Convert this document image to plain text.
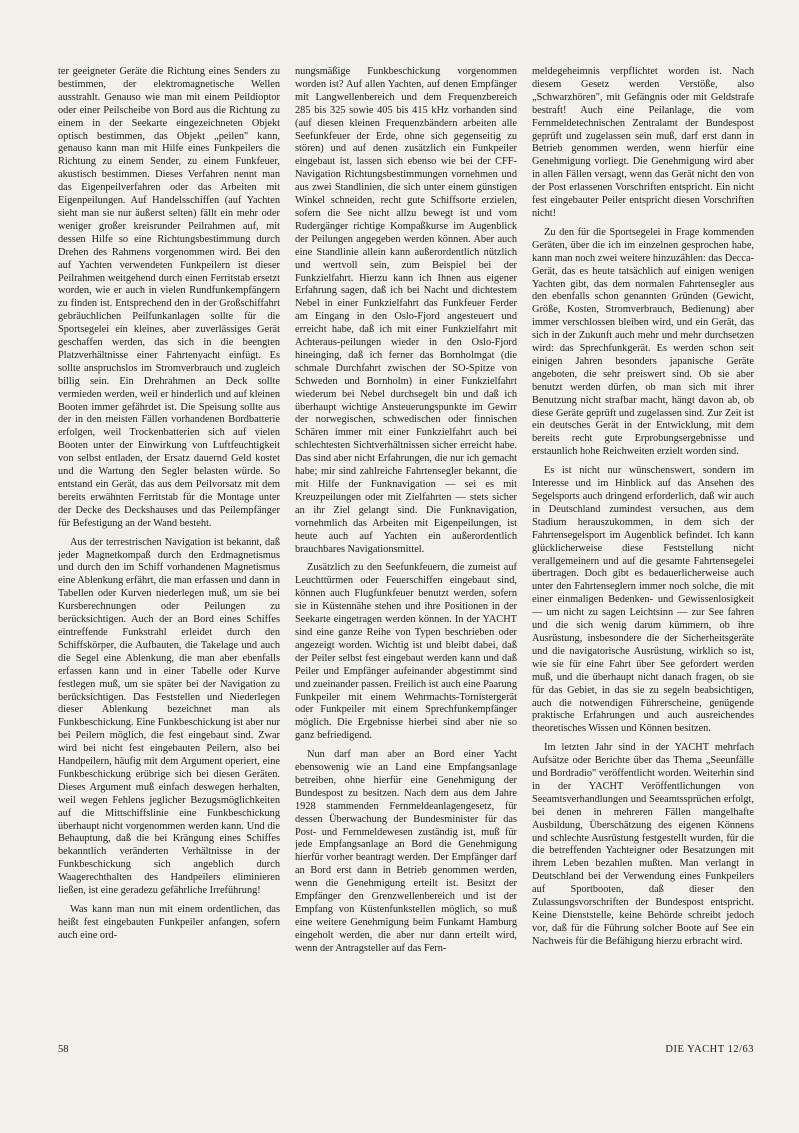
ter geeigneter Geräte die Richtung eines Senders zu bestimmen, der elektromagnetische Wellen ausstrahlt. Genauso wie man mit einem Peildioptor oder einer Peilscheibe von Bord aus die Richtung zu einem in der Seekarte eingezeichneten Objekt optisch bestimmen, das Objekt „peilen" kann, genauso kann man mit Hilfe eines Funkpeilers die Richtung zu einem Sender, zu einem Funkfeuer, akustisch bestimmen. Dieses Verfahren nennt man das Eigenpeilverfahren oder das Arbeiten mit Eigenpeilungen. Auf Handelsschiffen (auf Yachten sieht man sie nur äußerst selten) fällt ein mehr oder weniger großer kreisrunder Peilrahmen auf, mit dessen Hilfe so eine Richtungsbestimmung durch Drehen des Rahmens vorgenommen wird. Bei den auf Yachten verwendeten Funkpeilern ist dieser Peilrahmen weitgehend durch einen Ferritstab ersetzt worden, wie er auch in vielen Rundfunkempfängern zu finden ist. Entsprechend den in der Großschiffahrt gebräuchlichen Peilfunkanlagen sollte für die Sportsegelei ein kleines, aber zuverlässiges Gerät geschaffen werden, das sich in die beengten Platzverhältnisse einer Fahrtenyacht einfügt. Es sollte anspruchslos im Stromverbrauch und zugleich billig sein. Ein Drehrahmen an Deck sollte vermieden werden, weil er hinderlich und auf kleinen Booten immer gefährdet ist. Die Speisung sollte aus der in den meisten Fällen vorhandenen Bordbatterie erfolgen, weil Trockenbatterien sich auf vielen Booten unter der Einwirkung von Luftfeuchtigkeit von selbst entladen, der Ersatz dauernd Geld kostet und die Wartung den Segler belasten würde. So entstand ein Gerät, das aus dem Peilvorsatz mit dem bereits erwähnten Ferritstab für die Montage unter der Decke des Deckshauses und das Peilempfänger für Befestigung an der Wand besteht.

Aus der terrestrischen Navigation ist bekannt, daß jeder Magnetkompaß durch den Erdmagnetismus und durch den im Schiff vorhandenen Magnetismus eine Ablenkung erfährt, die man erfassen und dann in Tabellen oder Kurven niederlegen muß, um sie bei Kursberechnungen oder Peilungen zu berücksichtigen. Auch der an Bord eines Schiffes eintreffende Funkstrahl erleidet durch den Schiffskörper, die Aufbauten, die Takelage und auch die Segel eine Ablenkung, die man aber ebenfalls erfassen kann und in einer Tabelle oder Kurve festlegen muß, um sie später bei der Navigation zu berücksichtigen. Das Feststellen und Niederlegen dieser Ablenkung bezeichnet man als Funkbeschickung. Eine Funkbeschickung ist aber nur bei Peilern möglich, die fest eingebaut sind. Zwar wird bei nicht fest eingebauten Peilern, also bei Handpeilern, häufig mit dem Argument operiert, eine Funkbeschickung erübrige sich bei diesen Geräten. Dieses Argument muß einfach deswegen herhalten, weil wegen Fehlens jeglicher Bezugsmöglichkeiten auf die Mittschiffslinie eine Funkbeschickung überhaupt nicht vorgenommen werden kann. Und die Behauptung, daß die bei Krängung eines Schiffes bekanntlich veränderten Verhältnisse in der Funkbeschickung sich angeblich durch Waagerechthalten des Handpeilers eliminieren ließen, ist eine geradezu gefährliche Irreführung!

Was kann man nun mit einem ordentlichen, das heißt fest eingebauten Funkpeiler anfangen, sofern auch eine ord-

nungsmäßige Funkbeschickung vorgenommen worden ist? Auf allen Yachten, auf denen Empfänger mit Langwellenbereich und dem Frequenzbereich 285 bis 325 sowie 405 bis 415 kHz vorhanden sind (auf diesen kleinen Frequenzbändern arbeiten alle Seefunkfeuer der Erde, ohne sich gegenseitig zu stören) und auf denen zusätzlich ein Funkpeiler eingebaut ist, lassen sich ebenso wie bei der CFF-Navigation Richtungsbestimmungen vornehmen und aus zwei Standlinien, die sich unter einem günstigen Winkel schneiden, recht gute Schiffsorte erzielen, sofern die See nicht allzu bewegt ist und vom Rudergänger richtige Kompaßkurse im Augenblick der Peilungen angegeben werden können. Aber auch eine Standlinie allein kann außerordentlich nützlich und wertvoll sein, zum Beispiel bei der Funkzielfahrt. Hierzu kann ich Ihnen aus eigener Erfahrung sagen, daß ich bei Nacht und dichtestem Nebel in einer Funkzielfahrt das Funkfeuer Ferder am Eingang in den Oslo-Fjord angesteuert und erreicht habe, daß ich mit einer Funkzielfahrt mit Achteraus-peilungen wieder in den Oslo-Fjord hineinging, daß ich ferner das Bornholmgat (die schmale Durchfahrt zwischen der SO-Spitze von Schweden und Bornholm) in einer Funkzielfahrt wiederum bei Nebel durchsegelt bin und daß ich überhaupt wichtige Ansteuerungspunkte im Gewirr der norwegischen, schwedischen oder finnischen Schären immer mit einer Funkzielfahrt auch bei schlechtesten Sichtverhältnissen sicher erreicht habe. Das sind aber nicht Erfahrungen, die nur ich gemacht habe; mir sind zahlreiche Fahrtensegler bekannt, die mit Hilfe der Funknavigation — sei es mit Kreuzpeilungen oder mit Zielfahrten — stets sicher an ihr Ziel gelangt sind. Die Funknavigation, vornehmlich das Arbeiten mit Eigenpeilungen, ist heute auch auf Yachten ein außerordentlich brauchbares Navigationsmittel.

Zusätzlich zu den Seefunkfeuern, die zumeist auf Leuchttürmen oder Feuerschiffen eingebaut sind, können auch Flugfunkfeuer benutzt werden, sofern sie in Küstennähe stehen und ihre Positionen in der Seekarte eingetragen werden können. In der YACHT sind eine ganze Reihe von Typen beschrieben oder angezeigt worden. Wichtig ist und bleibt dabei, daß der Peiler selbst fest eingebaut werden kann und daß Peiler und Empfänger aufeinander abgestimmt sind und zueinander passen. Freilich ist auch eine Paarung Funkpeiler mit einem Wehrmachts-Tornistergerät oder Funkpeiler mit einem Sprechfunkempfänger möglich. Die Ergebnisse hierbei sind aber nie so ganz befriedigend.

Nun darf man aber an Bord einer Yacht ebensowenig wie an Land eine Empfangsanlage betreiben, ohne hierfür eine Genehmigung der Bundespost zu besitzen. Nach dem aus dem Jahre 1928 stammenden Fernmeldeanlagengesetz, für dessen Überwachung der Bundesminister für das Post- und Fernmeldewesen zuständig ist, muß für jede Empfangsanlage an Bord die Genehmigung hierfür vorher beantragt werden. Der Empfänger darf an Bord erst dann in Betrieb genommen werden, wenn die Genehmigung erteilt ist. Besitzt der Empfänger den Grenzwellenbereich und ist der Empfang von Küstenfunkstellen möglich, so muß eine weitere Genehmigung beim Funkamt Hamburg eingeholt werden, die aber nur dann erteilt wird, wenn der Antragsteller auf das Fern-

meldegeheimnis verpflichtet worden ist. Nach diesem Gesetz werden Verstöße, also „Schwarzhören", mit Gefängnis oder mit Geldstrafe bestraft! Auch eine Peilanlage, die vom Fernmeldetechnischen Zentralamt der Bundespost geprüft und zugelassen sein muß, darf erst dann in Betrieb genommen werden, wenn hierfür eine Genehmigung vorliegt. Die Genehmigung wird aber in allen Fällen versagt, wenn das Gerät nicht den von der Post erlassenen Vorschriften entspricht. Ein nicht fest eingebauter Peiler entspricht diesen Vorschriften nicht!

Zu den für die Sportsegelei in Frage kommenden Geräten, über die ich im einzelnen gesprochen habe, kann man noch zwei weitere hinzuzählen: das Decca-Gerät, das es heute tatsächlich auf einigen wenigen Yachten gibt, das dem normalen Fahrtensegler aus den ebenfalls schon genannten Gründen (Gewicht, Größe, Kosten, Stromverbrauch, Bedienung) aber immer verschlossen bleiben wird, und ein Gerät, das sich in der Zukunft auch mehr und mehr durchsetzen wird: das Sprechfunkgerät. Es werden schon seit einigen Jahren besonders japanische Geräte angeboten, die sehr preiswert sind. Ob sie aber benutzt werden dürfen, ob man sich mit ihrer Benutzung nicht strafbar macht, hängt davon ab, ob diese Geräte geprüft und zugelassen sind. Zur Zeit ist ein deutsches Gerät in der Entwicklung, mit dem bereits recht gute Erprobungsergebnisse und erstaunlich hohe Reichweiten erzielt worden sind.

Es ist nicht nur wünschenswert, sondern im Interesse und im Hinblick auf das Ansehen des Segelsports auch dringend erforderlich, daß wir auch in Deutschland zumindest versuchen, aus dem Stadium herauszukommen, in dem sich der Fahrtensegelsport im Augenblick befindet. Ich kann glücklicherweise diese Feststellung nicht verallgemeinern und auf die gesamte Fahrtensegelei übertragen. Doch gibt es bedauerlicherweise auch unter den Fahrtenseglern immer noch solche, die mit einer einmaligen Bedenken- und Gewissenlosigkeit — um nicht zu sagen Leichtsinn — zur See fahren und die sich wenig darum kümmern, ob ihre Ausrüstung, insbesondere die der Sicherheitsgeräte und die navigatorische Ausrüstung, wirklich so ist, wie sie für eine Fahrt über See gefordert werden muß, und die überhaupt nicht danach fragen, ob sie für das Gebiet, in das sie zu segeln beabsichtigen, auch die notwendigen Führerscheine, genügende praktische Erfahrungen und auch ausreichendes theoretisches Wissen und Können besitzen.

Im letzten Jahr sind in der YACHT mehrfach Aufsätze oder Berichte über das Thema „Seeunfälle und Bordradio" veröffentlicht worden. Weiterhin sind in der YACHT Veröffentlichungen von Seeamtsverhandlungen und Seeamtssprüchen erfolgt, bei denen in mehreren Fällen mangelhafte Ausbildung, Überschätzung des eigenen Könnens und schlechte Ausrüstung festgestellt wurden, für die die betreffenden Yachteigner oder Besatzungen mit ihrem Leben bezahlen mußten. Man verlangt in Deutschland bei der Verwendung eines Funkpeilers auf Sportbooten, daß dieser den Zulassungsvorschriften der Bundespost entspricht. Keine Dienststelle, keine Behörde schreibt jedoch vor, daß für die Führung solcher Boote auf See ein Nachweis für die Befähigung hierzu erbracht wird.

58	DIE YACHT 12/63
